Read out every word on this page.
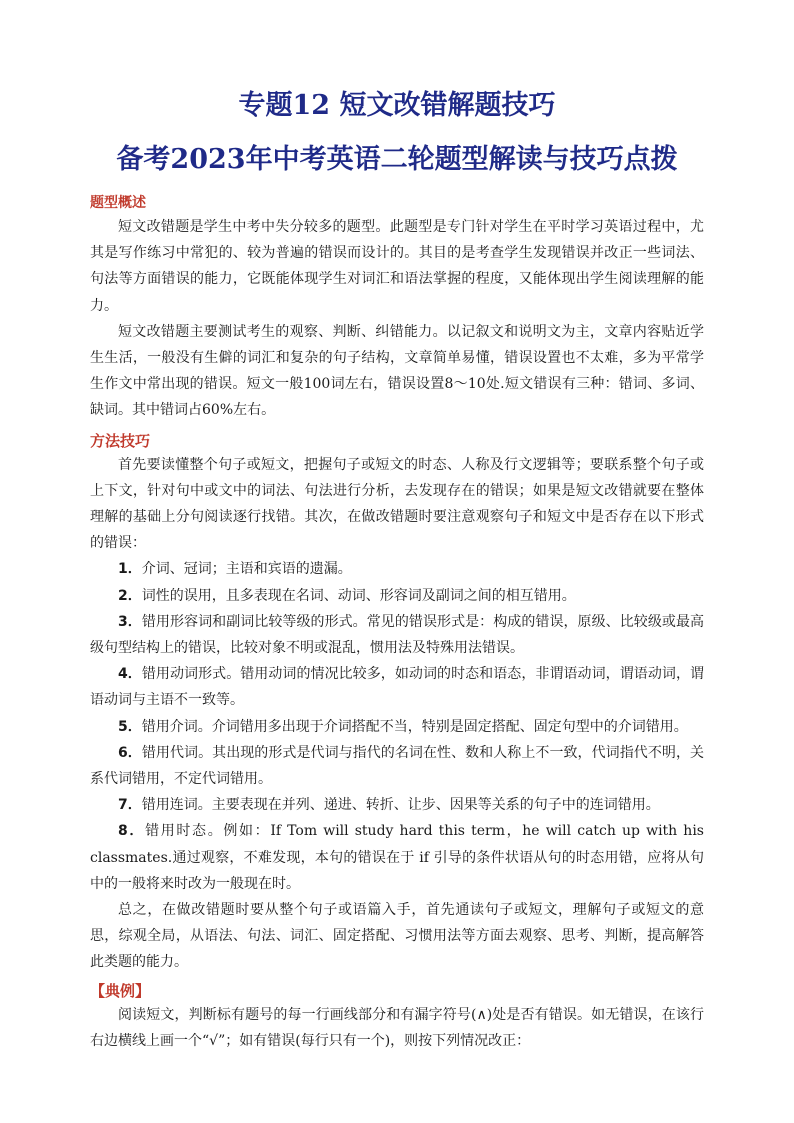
专题12 短文改错解题技巧
备考2023年中考英语二轮题型解读与技巧点拨
题型概述

短文改错题是学生中考中失分较多的题型。此题型是专门针对学生在平时学习英语过程中，尤其是写作练习中常犯的、较为普遍的错误而设计的。其目的是考查学生发现错误并改正一些词法、句法等方面错误的能力，它既能体现学生对词汇和语法掌握的程度，又能体现出学生阅读理解的能力。

短文改错题主要测试考生的观察、判断、纠错能力。以记叙文和说明文为主，文章内容贴近学生生活，一般没有生僻的词汇和复杂的句子结构，文章简单易懂，错误设置也不太难，多为平常学生作文中常出现的错误。短文一般100词左右，错误设置8～10处.短文错误有三种：错词、多词、缺词。其中错词占60%左右。

方法技巧

首先要读懂整个句子或短文，把握句子或短文的时态、人称及行文逻辑等；要联系整个句子或上下文，针对句中或文中的词法、句法进行分析，去发现存在的错误；如果是短文改错就要在整体理解的基础上分句阅读逐行找错。其次，在做改错题时要注意观察句子和短文中是否存在以下形式的错误：

1．介词、冠词；主语和宾语的遗漏。

2．词性的误用，且多表现在名词、动词、形容词及副词之间的相互错用。

3．错用形容词和副词比较等级的形式。常见的错误形式是：构成的错误，原级、比较级或最高级句型结构上的错误，比较对象不明或混乱，惯用法及特殊用法错误。

4．错用动词形式。错用动词的情况比较多，如动词的时态和语态，非谓语动词，谓语动词，谓语动词与主语不一致等。

5．错用介词。介词错用多出现于介词搭配不当，特别是固定搭配、固定句型中的介词错用。

6．错用代词。其出现的形式是代词与指代的名词在性、数和人称上不一致，代词指代不明，关系代词错用，不定代词错用。

7．错用连词。主要表现在并列、递进、转折、让步、因果等关系的句子中的连词错用。

8．错用时态。例如：If Tom will study hard this term，he will catch up with his classmates.通过观察，不难发现，本句的错误在于 if 引导的条件状语从句的时态用错，应将从句中的一般将来时改为一般现在时。

总之，在做改错题时要从整个句子或语篇入手，首先通读句子或短文，理解句子或短文的意思，综观全局，从语法、句法、词汇、固定搭配、习惯用法等方面去观察、思考、判断，提高解答此类题的能力。

【典例】

阅读短文，判断标有题号的每一行画线部分和有漏字符号(∧)处是否有错误。如无错误，在该行右边横线上画一个“√”；如有错误(每行只有一个)，则按下列情况改正：
